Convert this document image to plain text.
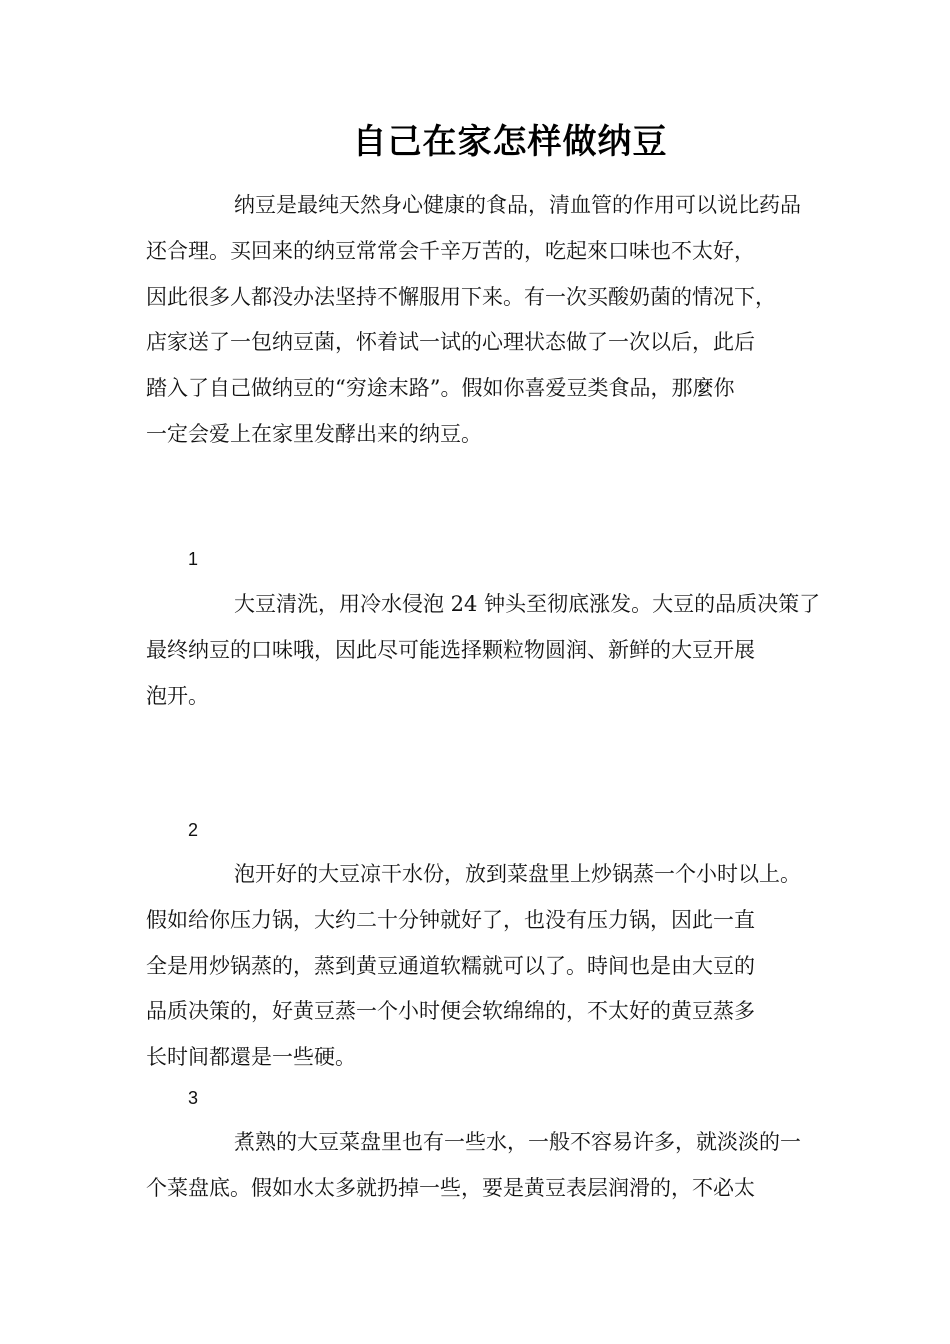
自己在家怎样做纳豆
纳豆是最纯天然身心健康的食品，清血管的作用可以说比药品
还合理。买回来的纳豆常常会千辛万苦的，吃起來口味也不太好，
因此很多人都没办法坚持不懈服用下来。有一次买酸奶菌的情况下，
店家送了一包纳豆菌，怀着试一试的心理状态做了一次以后，此后
踏入了自己做纳豆的“穷途末路”。假如你喜爱豆类食品，那麼你
一定会爱上在家里发酵出来的纳豆。
1
大豆清洗，用冷水侵泡 24 钟头至彻底涨发。大豆的品质决策了
最终纳豆的口味哦，因此尽可能选择颗粒物圆润、新鲜的大豆开展
泡开。
2
泡开好的大豆凉干水份，放到菜盘里上炒锅蒸一个小时以上。
假如给你压力锅，大约二十分钟就好了，也没有压力锅，因此一直
全是用炒锅蒸的，蒸到黄豆通道软糯就可以了。時间也是由大豆的
品质决策的，好黄豆蒸一个小时便会软绵绵的，不太好的黄豆蒸多
长时间都還是一些硬。
3
煮熟的大豆菜盘里也有一些水，一般不容易许多，就淡淡的一
个菜盘底。假如水太多就扔掉一些，要是黄豆表层润滑的，不必太
